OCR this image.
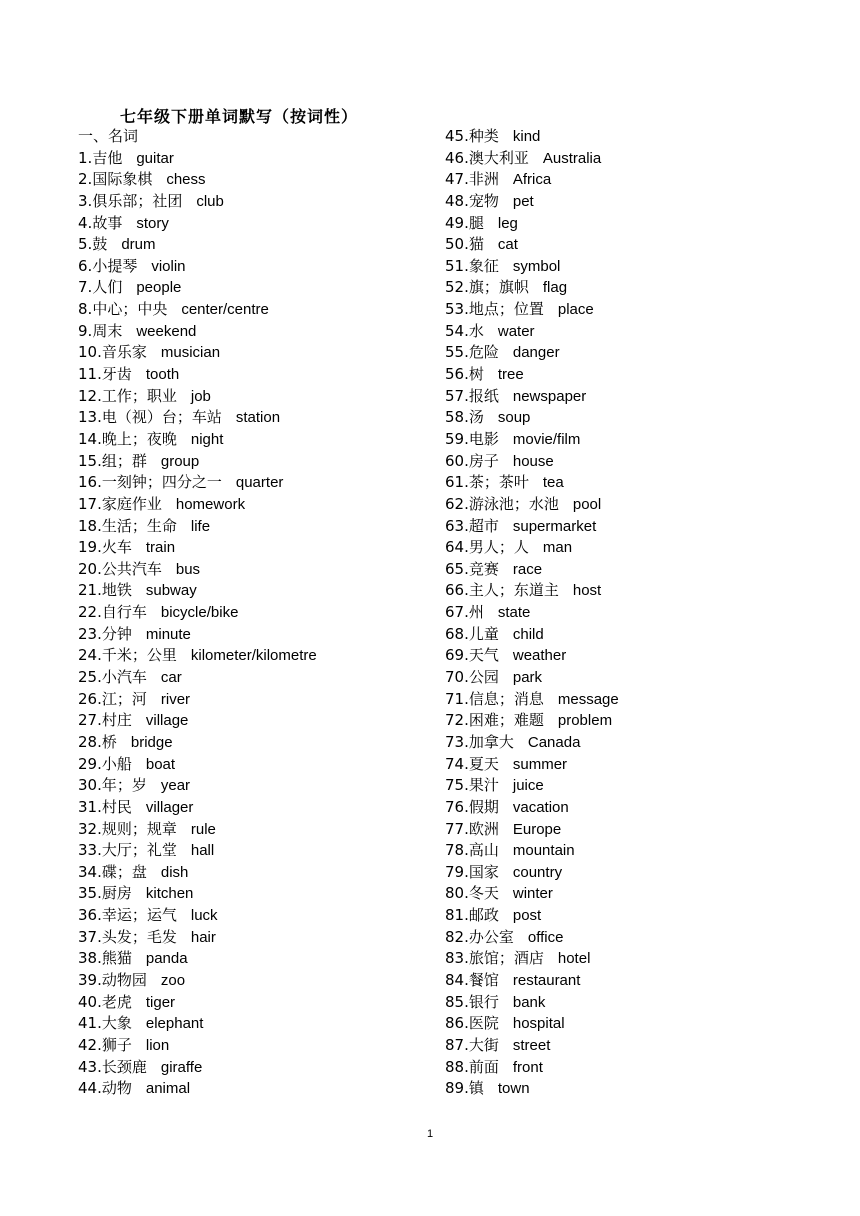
七年级下册单词默写（按词性）
一、名词
1. 吉他 guitar
2. 国际象棋 chess
3. 俱乐部；社团 club
4. 故事 story
5. 鼓 drum
6. 小提琴 violin
7. 人们 people
8. 中心；中央 center/centre
9. 周末 weekend
10. 音乐家 musician
11. 牙齿 tooth
12. 工作；职业 job
13. 电（视）台；车站 station
14. 晚上；夜晚 night
15. 组；群 group
16. 一刻钟；四分之一 quarter
17. 家庭作业 homework
18. 生活；生命 life
19. 火车 train
20. 公共汽车 bus
21. 地铁 subway
22. 自行车 bicycle/bike
23. 分钟 minute
24. 千米；公里 kilometer/kilometre
25. 小汽车 car
26. 江；河 river
27. 村庄 village
28. 桥 bridge
29. 小船 boat
30. 年；岁 year
31. 村民 villager
32. 规则；规章 rule
33. 大厅；礼堂 hall
34. 碟；盘 dish
35. 厨房 kitchen
36. 幸运；运气 luck
37. 头发；毛发 hair
38. 熊猫 panda
39. 动物园 zoo
40. 老虎 tiger
41. 大象 elephant
42. 狮子 lion
43. 长颈鹿 giraffe
44. 动物 animal
45. 种类 kind
46. 澳大利亚 Australia
47. 非洲 Africa
48. 宠物 pet
49. 腿 leg
50. 猫 cat
51. 象征 symbol
52. 旗；旗帜 flag
53. 地点；位置 place
54. 水 water
55. 危险 danger
56. 树 tree
57. 报纸 newspaper
58. 汤 soup
59. 电影 movie/film
60. 房子 house
61. 茶；茶叶 tea
62. 游泳池；水池 pool
63. 超市 supermarket
64. 男人；人 man
65. 竞赛 race
66. 主人；东道主 host
67. 州 state
68. 儿童 child
69. 天气 weather
70. 公园 park
71. 信息；消息 message
72. 困难；难题 problem
73. 加拿大 Canada
74. 夏天 summer
75. 果汁 juice
76. 假期 vacation
77. 欧洲 Europe
78. 高山 mountain
79. 国家 country
80. 冬天 winter
81. 邮政 post
82. 办公室 office
83. 旅馆；酒店 hotel
84. 餐馆 restaurant
85. 银行 bank
86. 医院 hospital
87. 大街 street
88. 前面 front
89. 镇 town
1
